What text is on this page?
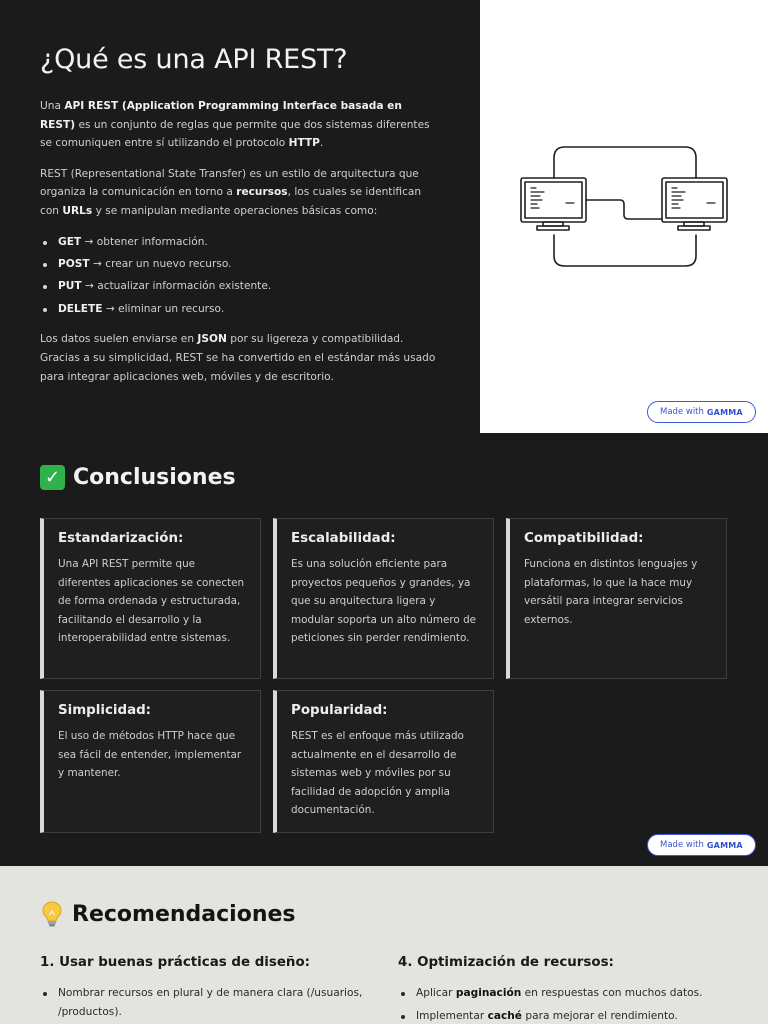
¿Qué es una API REST?

Una API REST (Application Programming Interface basada en REST) es un conjunto de reglas que permite que dos sistemas diferentes se comuniquen entre sí utilizando el protocolo HTTP.

REST (Representational State Transfer) es un estilo de arquitectura que organiza la comunicación en torno a recursos, los cuales se identifican con URLs y se manipulan mediante operaciones básicas como:

GET → obtener información.
POST → crear un nuevo recurso.
PUT → actualizar información existente.
DELETE → eliminar un recurso.

Los datos suelen enviarse en JSON por su ligereza y compatibilidad. Gracias a su simplicidad, REST se ha convertido en el estándar más usado para integrar aplicaciones web, móviles y de escritorio.

Made with GAMMA
✓ Conclusiones
Estandarización:
Una API REST permite que diferentes aplicaciones se conecten de forma ordenada y estructurada, facilitando el desarrollo y la interoperabilidad entre sistemas.
Escalabilidad:
Es una solución eficiente para proyectos pequeños y grandes, ya que su arquitectura ligera y modular soporta un alto número de peticiones sin perder rendimiento.
Compatibilidad:
Funciona en distintos lenguajes y plataformas, lo que la hace muy versátil para integrar servicios externos.
Simplicidad:
El uso de métodos HTTP hace que sea fácil de entender, implementar y mantener.
Popularidad:
REST es el enfoque más utilizado actualmente en el desarrollo de sistemas web y móviles por su facilidad de adopción y amplia documentación.
Made with GAMMA
Recomendaciones
1. Usar buenas prácticas de diseño:
Nombrar recursos en plural y de manera clara (/usuarios, /productos).
4. Optimización de recursos:
Aplicar paginación en respuestas con muchos datos.
Implementar caché para mejorar el rendimiento.
